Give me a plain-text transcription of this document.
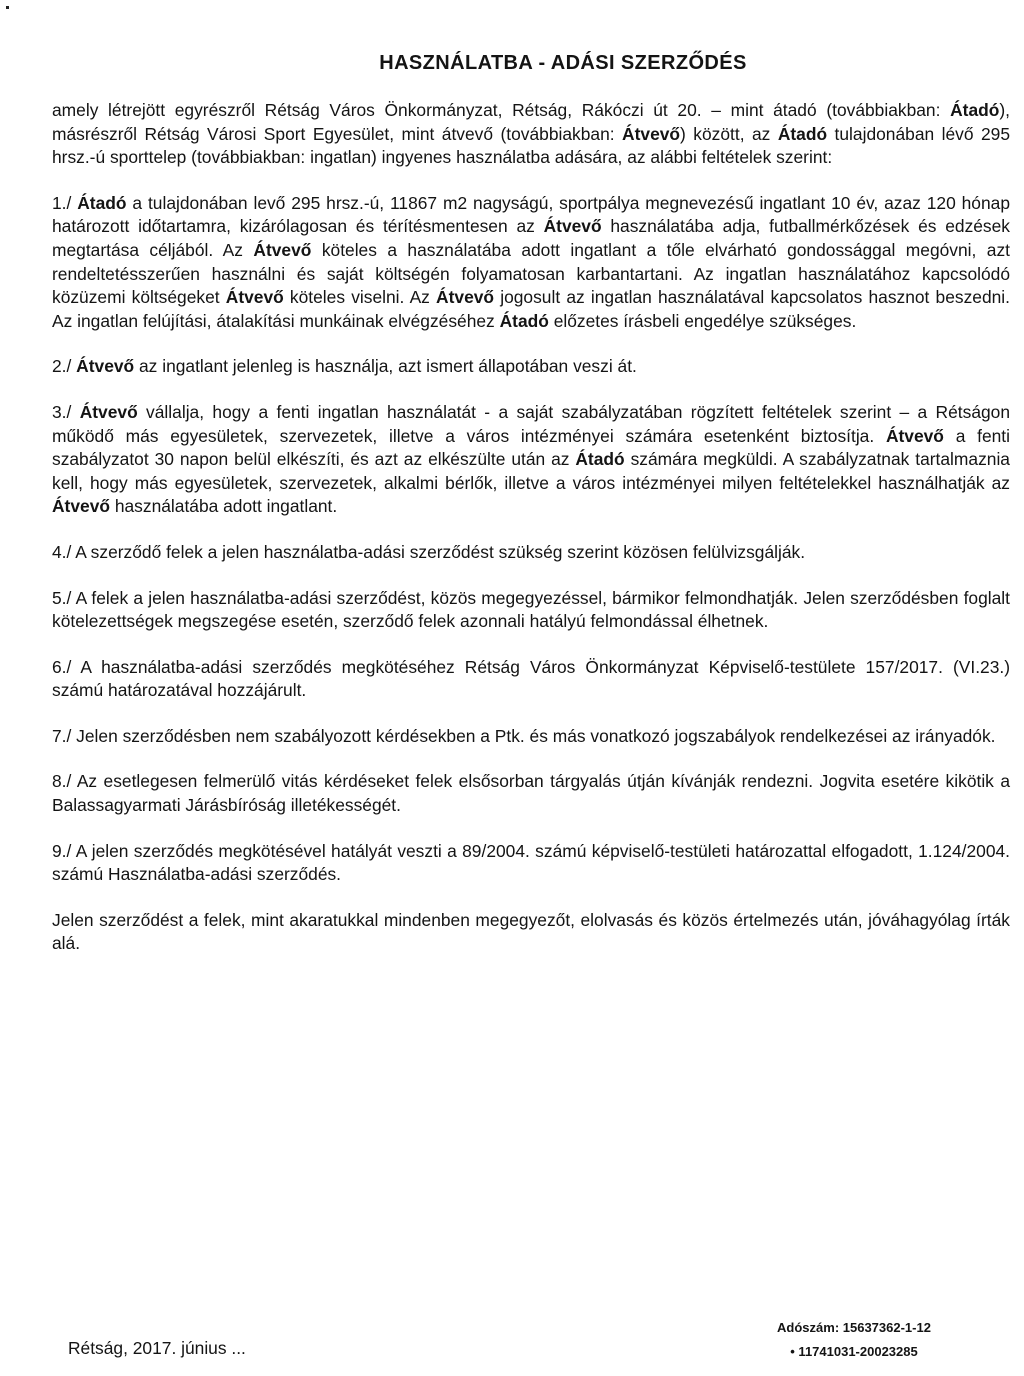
HASZNÁLATBA - ADÁSI SZERZŐDÉS

amely létrejött egyrészről Rétság Város Önkormányzat, Rétság, Rákóczi út 20. – mint átadó (továbbiakban: Átadó), másrészről Rétság Városi Sport Egyesület, mint átvevő (továbbiakban: Átvevő) között, az Átadó tulajdonában lévő 295 hrsz.-ú sporttelep (továbbiakban: ingatlan) ingyenes használatba adására, az alábbi feltételek szerint:

1./ Átadó a tulajdonában levő 295 hrsz.-ú, 11867 m2 nagyságú, sportpálya megnevezésű ingatlant 10 év, azaz 120 hónap határozott időtartamra, kizárólagosan és térítésmentesen az Átvevő használatába adja, futballmérkőzések és edzések megtartása céljából. Az Átvevő köteles a használatába adott ingatlant a tőle elvárható gondossággal megóvni, azt rendeltetésszerűen használni és saját költségén folyamatosan karbantartani. Az ingatlan használatához kapcsolódó közüzemi költségeket Átvevő köteles viselni. Az Átvevő jogosult az ingatlan használatával kapcsolatos hasznot beszedni. Az ingatlan felújítási, átalakítási munkáinak elvégzéséhez Átadó előzetes írásbeli engedélye szükséges.

2./ Átvevő az ingatlant jelenleg is használja, azt ismert állapotában veszi át.

3./ Átvevő vállalja, hogy a fenti ingatlan használatát - a saját szabályzatában rögzített feltételek szerint – a Rétságon működő más egyesületek, szervezetek, illetve a város intézményei számára esetenként biztosítja. Átvevő a fenti szabályzatot 30 napon belül elkészíti, és azt az elkészülte után az Átadó számára megküldi. A szabályzatnak tartalmaznia kell, hogy más egyesületek, szervezetek, alkalmi bérlők, illetve a város intézményei milyen feltételekkel használhatják az Átvevő használatába adott ingatlant.

4./ A szerződő felek a jelen használatba-adási szerződést szükség szerint közösen felülvizsgálják.

5./ A felek a jelen használatba-adási szerződést, közös megegyezéssel, bármikor felmondhatják. Jelen szerződésben foglalt kötelezettségek megszegése esetén, szerződő felek azonnali hatályú felmondással élhetnek.

6./ A használatba-adási szerződés megkötéséhez Rétság Város Önkormányzat Képviselő-testülete 157/2017. (VI.23.) számú határozatával hozzájárult.

7./ Jelen szerződésben nem szabályozott kérdésekben a Ptk. és más vonatkozó jogszabályok rendelkezései az irányadók.

8./ Az esetlegesen felmerülő vitás kérdéseket felek elsősorban tárgyalás útján kívánják rendezni. Jogvita esetére kikötik a Balassagyarmati Járásbíróság illetékességét.

9./ A jelen szerződés megkötésével hatályát veszti a 89/2004. számú képviselő-testületi határozattal elfogadott, 1.124/2004. számú Használatba-adási szerződés.

Jelen szerződést a felek, mint akaratukkal mindenben megegyezőt, elolvasás és közös értelmezés után, jóváhagyólag írták alá.

Rétság, 2017. június ...
Adószám: 15637362-1-12
• 11741031-20023285
